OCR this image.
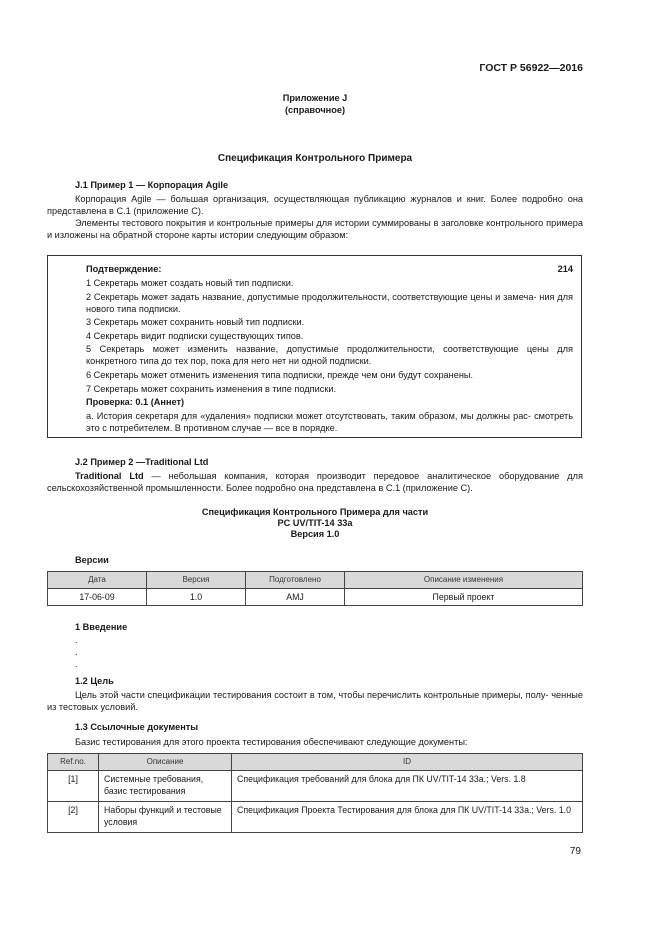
ГОСТ Р 56922—2016
Приложение J
(справочное)
Спецификация Контрольного Примера
J.1 Пример 1 — Корпорация Agile

Корпорация Agile — большая организация, осуществляющая публикацию журналов и книг. Более подробно она представлена в С.1 (приложение С).

Элементы тестового покрытия и контрольные примеры для истории суммированы в заголовке контрольного примера и изложены на обратной стороне карты истории следующим образом:

Подтверждение:	214

1 Секретарь может создать новый тип подписки.

2 Секретарь может задать название, допустимые продолжительности, соответствующие цены и замеча- ния для нового типа подписки.

3 Секретарь может сохранить новый тип подписки.

4 Секретарь видит подписки существующих типов.

5 Секретарь может изменить название, допустимые продолжительности, соответствующие цены для конкретного типа до тех пор, пока для него нет ни одной подписки.

6 Секретарь может отменить изменения типа подписки, прежде чем они будут сохранены.

7 Секретарь может сохранить изменения в типе подписки.

Проверка: 0.1 (Аннет)

а. История секретаря для «удаления» подписки может отсутствовать, таким образом, мы должны рас- смотреть это с потребителем. В противном случае — все в порядке.

J.2 Пример 2 —Traditional Ltd

Traditional Ltd — небольшая компания, которая производит передовое аналитическое оборудование для сельскохозяйственной промышленности. Более подробно она представлена в С.1 (приложение С).

Спецификация Контрольного Примера для части
PC UV/TIT-14 33a
Версия 1.0
Версии
Дата	Версия	Подготовлено	Описание изменения
17-06-09	1.0	AMJ	Первый проект
1 Введение
.
.
.
1.2 Цель

Цель этой части спецификации тестирования состоит в том, чтобы перечислить контрольные примеры, полу- ченные из тестовых условий.

1.3 Ссылочные документы

Базис тестирования для этого проекта тестирования обеспечивают следующие документы:

Ref.no.	Описание	ID
[1]	Системные требования, базис тестирования	Спецификация требований для блока для ПК UV/TIT-14 33a.; Vers. 1.8
[2]	Наборы функций и тестовые условия	Спецификация Проекта Тестирования для блока для ПК UV/TIT-14 33a.; Vers. 1.0
79
